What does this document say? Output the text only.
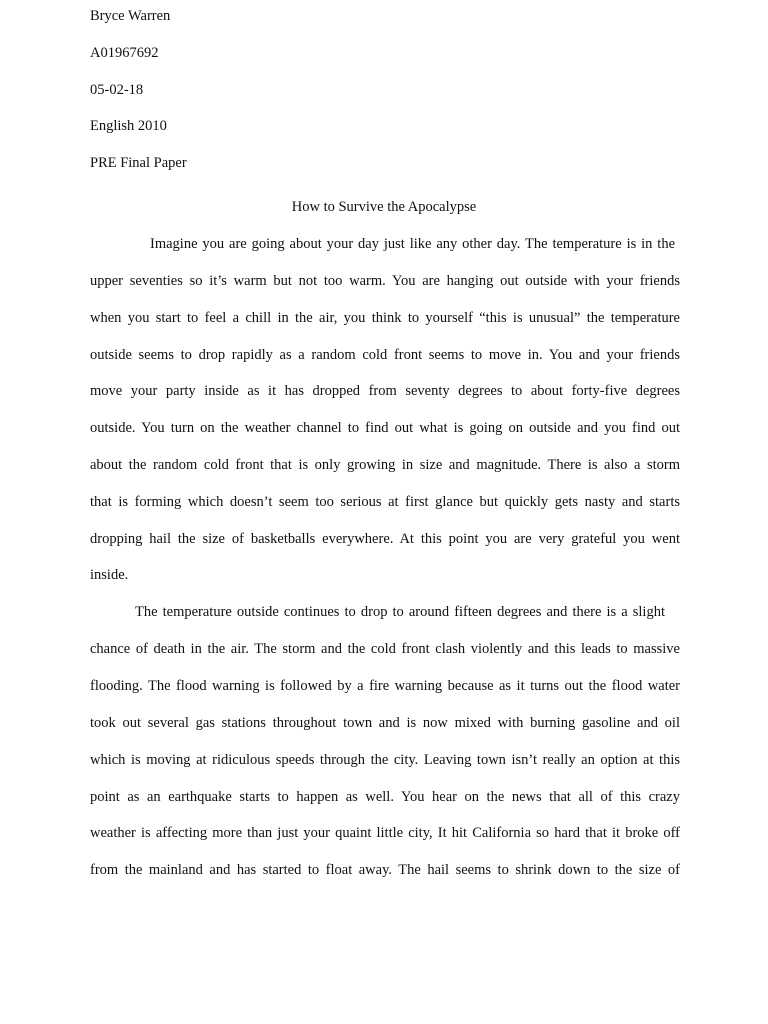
Bryce Warren
A01967692
05-02-18
English 2010
PRE Final Paper
How to Survive the Apocalypse
Imagine you are going about your day just like any other day. The temperature is in the
upper seventies so it’s warm but not too warm. You are hanging out outside with your friends
when you start to feel a chill in the air, you think to yourself “this is unusual” the temperature
outside seems to drop rapidly as a random cold front seems to move in. You and your friends
move your party inside as it has dropped from seventy degrees to about forty-five degrees
outside. You turn on the weather channel to find out what is going on outside and you find out
about the random cold front that is only growing in size and magnitude. There is also a storm
that is forming which doesn’t seem too serious at first glance but quickly gets nasty and starts
dropping hail the size of basketballs everywhere. At this point you are very grateful you went
inside.
The temperature outside continues to drop to around fifteen degrees and there is a slight
chance of death in the air. The storm and the cold front clash violently and this leads to massive
flooding. The flood warning is followed by a fire warning because as it turns out the flood water
took out several gas stations throughout town and is now mixed with burning gasoline and oil
which is moving at ridiculous speeds through the city. Leaving town isn’t really an option at this
point as an earthquake starts to happen as well. You hear on the news that all of this crazy
weather is affecting more than just your quaint little city, It hit California so hard that it broke off
from the mainland and has started to float away. The hail seems to shrink down to the size of
